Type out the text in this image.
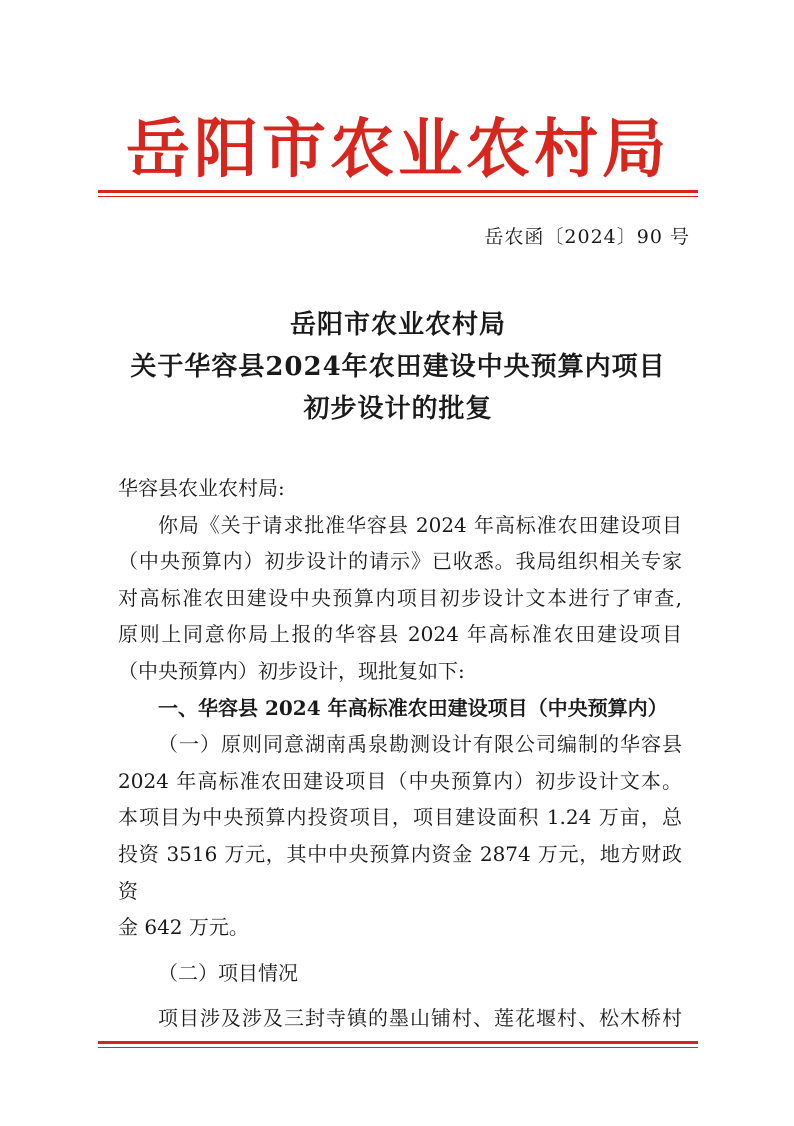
岳阳市农业农村局
岳农函〔2024〕90 号
岳阳市农业农村局
关于华容县2024年农田建设中央预算内项目
初步设计的批复

华容县农业农村局:

你局《关于请求批准华容县 2024 年高标准农田建设项目

（中央预算内）初步设计的请示》已收悉。我局组织相关专家

对高标准农田建设中央预算内项目初步设计文本进行了审查,

原则上同意你局上报的华容县 2024 年高标准农田建设项目

（中央预算内）初步设计，现批复如下:

一、华容县 2024 年高标准农田建设项目（中央预算内）

（一）原则同意湖南禹泉勘测设计有限公司编制的华容县

2024 年高标准农田建设项目（中央预算内）初步设计文本。

本项目为中央预算内投资项目，项目建设面积 1.24 万亩，总

投资 3516 万元，其中中央预算内资金 2874 万元，地方财政资

金 642 万元。

（二）项目情况

项目涉及涉及三封寺镇的墨山铺村、莲花堰村、松木桥村
